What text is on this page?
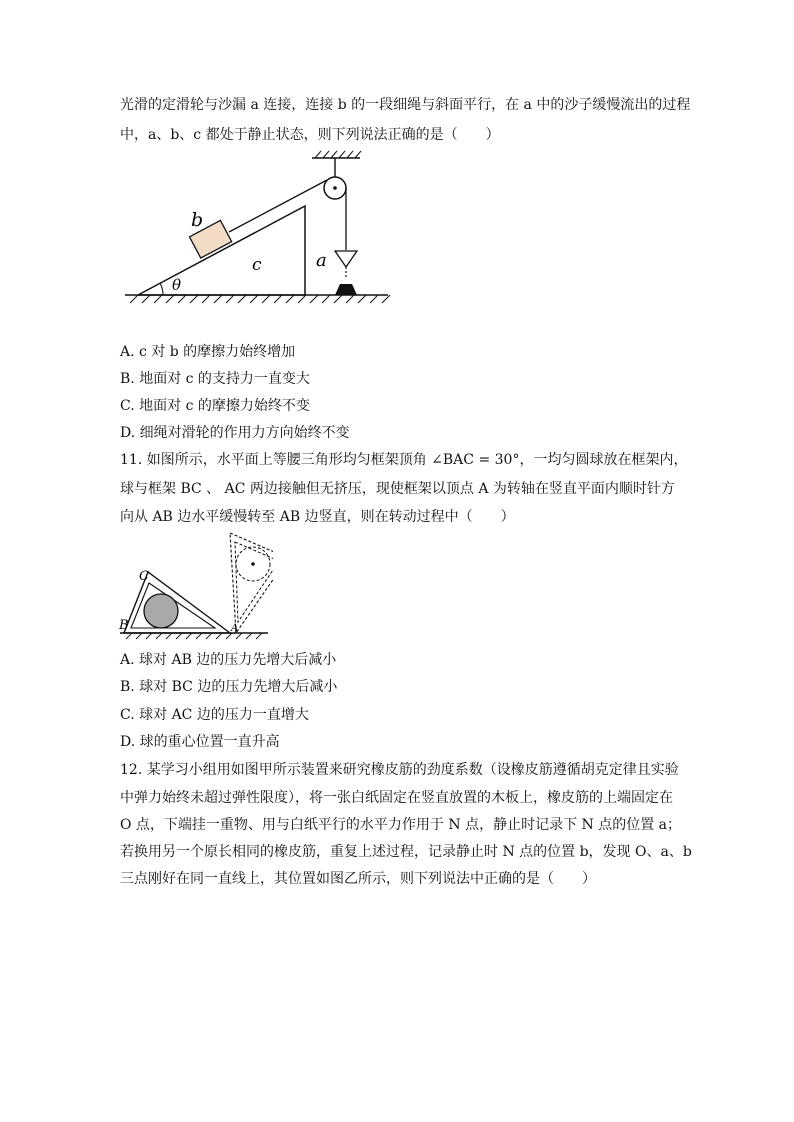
光滑的定滑轮与沙漏 a 连接，连接 b 的一段细绳与斜面平行，在 a 中的沙子缓慢流出的过程
中，a、b、c 都处于静止状态，则下列说法正确的是（　　）
b
c	a
θ
A. c 对 b 的摩擦力始终增加
B. 地面对 c 的支持力一直变大
C. 地面对 c 的摩擦力始终不变
D. 细绳对滑轮的作用力方向始终不变
11. 如图所示，水平面上等腰三角形均匀框架顶角 ∠BAC = 30°，一均匀圆球放在框架内，
球与框架 BC 、 AC 两边接触但无挤压，现使框架以顶点 A 为转轴在竖直平面内顺时针方
向从 AB 边水平缓慢转至 AB 边竖直，则在转动过程中（　　）
C
B	A
A. 球对 AB 边的压力先增大后减小
B. 球对 BC 边的压力先增大后减小
C. 球对 AC 边的压力一直增大
D. 球的重心位置一直升高
12. 某学习小组用如图甲所示装置来研究橡皮筋的劲度系数（设橡皮筋遵循胡克定律且实验
中弹力始终未超过弹性限度），将一张白纸固定在竖直放置的木板上，橡皮筋的上端固定在
O 点，下端挂一重物、用与白纸平行的水平力作用于 N 点，静止时记录下 N 点的位置 a；
若换用另一个原长相同的橡皮筋，重复上述过程，记录静止时 N 点的位置 b，发现 O、a、b
三点刚好在同一直线上，其位置如图乙所示，则下列说法中正确的是（　　）
